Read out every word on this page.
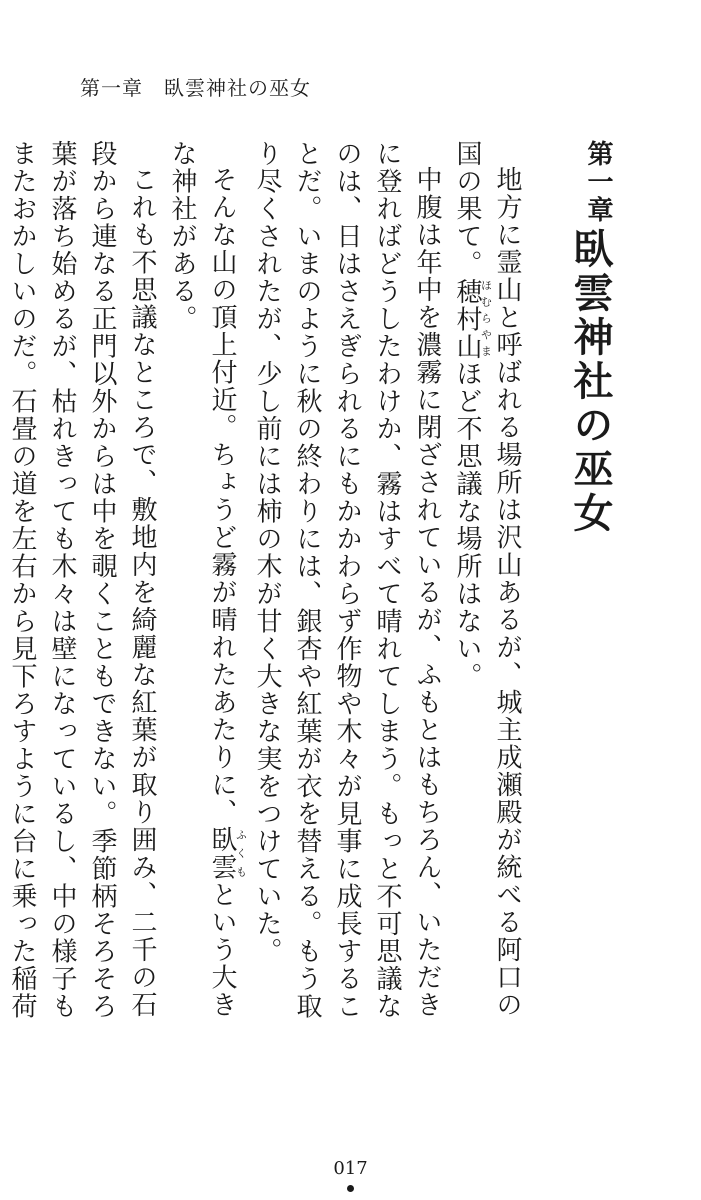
第一章　臥雲神社の巫女
第一章
臥雲神社の巫女

地方に霊山と呼ばれる場所は沢山あるが、城主成瀬殿が統べる阿口の国の果て。穂村山ほむらやまほど不思議な場所はない。

中腹は年中を濃霧に閉ざされているが、ふもとはもちろん、いただきに登ればどうしたわけか、霧はすべて晴れてしまう。もっと不可思議なのは、日はさえぎられるにもかかわらず作物や木々が見事に成長することだ。いまのように秋の終わりには、銀杏や紅葉が衣を替える。もう取り尽くされたが、少し前には柿の木が甘く大きな実をつけていた。

そんな山の頂上付近。ちょうど霧が晴れたあたりに、臥雲ふくもという大きな神社がある。

これも不思議なところで、敷地内を綺麗な紅葉が取り囲み、二千の石段から連なる正門以外からは中を覗くこともできない。季節柄そろそろ葉が落ち始めるが、枯れきっても木々は壁になっているし、中の様子もまたおかしいのだ。石畳の道を左右から見下ろすように台に乗った稲荷

017
